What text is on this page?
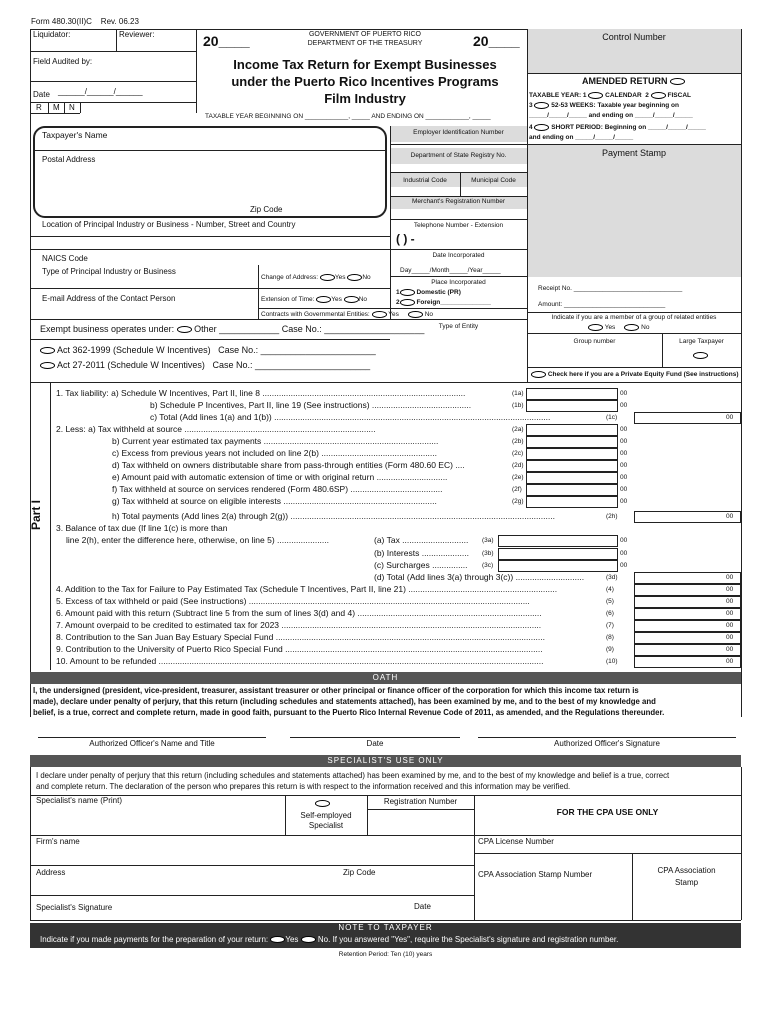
Form 480.30(II)C Rev. 06.23
Liquidator:	Reviewer:
Field Audited by:
Date ______/______/______
R M N
20____	GOVERNMENT OF PUERTO RICO
DEPARTMENT OF THE TREASURY	20____
Income Tax Return for Exempt Businesses
under the Puerto Rico Incentives Programs
Film Industry
TAXABLE YEAR BEGINNING ON ____________, _____ AND ENDING ON ____________, _____
Control Number
AMENDED RETURN
TAXABLE YEAR: 1	CALENDAR 2	FISCAL
3	52-53 WEEKS: Taxable year beginning on
_____/_____/_____ and ending on _____/_____/_____
4	SHORT PERIOD: Beginning on _____/_____/_____
and ending on _____/_____/_____
Payment Stamp
Taxpayer's Name
Postal Address
Zip Code
Location of Principal Industry or Business - Number, Street and Country
Employer Identification Number
Department of State Registry No.
Industrial Code	Municipal Code
Merchant's Registration Number
Telephone Number - Extension
( ) -
NAICS Code
Type of Principal Industry or Business
Change of Address:	Yes	No
E-mail Address of the Contact Person	Extension of Time:	Yes	No
Contracts with Governmental Entities:	Yes	No
Date Incorporated
Day_____/Month_____/Year_____
Place Incorporated
1	Domestic (PR)
2	Foreign______________
Type of Entity
Receipt No. ______________________________
Amount: ____________________________
Indicate if you are a member of a group of related entities
Yes	No
Group number	Large Taxpayer
Check here if you are a Private Equity Fund (See instructions)
Exempt business operates under: Other ____________ Case No.: ____________________
Act 362-1999 (Schedule W Incentives) Case No.: _______________________
Act 27-2011 (Schedule W Incentives) Case No.: _______________________
Part I
1. Tax liability: a) Schedule W Incentives, Part II, line 8 ......................................................................................	(1a)	00
b) Schedule P Incentives, Part II, line 19 (See instructions) ..........................................	(1b)	00
c) Total (Add lines 1(a) and 1(b)) .....................................................................................................................	(1c)	00
2. Less: a) Tax withheld at source .................................................................................	(2a)	00
b) Current year estimated tax payments ..........................................................................	(2b)	00
c) Excess from previous years not included on line 2(b) .................................................	(2c)	00
d) Tax withheld on owners distributable share from pass-through entities (Form 480.60 EC) ....	(2d)	00
e) Amount paid with automatic extension of time or with original return ..............................	(2e)	00
f) Tax withheld at source on services rendered (Form 480.6SP) .......................................	(2f)	00
g) Tax withheld at source on eligible interests .................................................................	(2g)	00
h) Total payments (Add lines 2(a) through 2(g)) ................................................................................................................	(2h)	00
3. Balance of tax due (If line 1(c) is more than
line 2(h), enter the difference here, otherwise, on line 5) ......................	(a) Tax ............................ (3a)	00
(b) Interests .................... (3b)	00
(c) Surcharges ............... (3c)	00
(d) Total (Add lines 3(a) through 3(c)) .............................	(3d)	00
4. Addition to the Tax for Failure to Pay Estimated Tax (Schedule T Incentives, Part II, line 21) ...............................................................	(4)	00
5. Excess of tax withheld or paid (See instructions) .......................................................................................................................	(5)	00
6. Amount paid with this return (Subtract line 5 from the sum of lines 3(d) and 4) ..............................................................................	(6)	00
7. Amount overpaid to be credited to estimated tax for 2023 ..............................................................................................................	(7)	00
8. Contribution to the San Juan Bay Estuary Special Fund ..................................................................................................................	(8)	00
9. Contribution to the University of Puerto Rico Special Fund .............................................................................................................	(9)	00
10. Amount to be refunded ...................................................................................................................................................................	(10)	00
OATH
I, the undersigned (president, vice-president, treasurer, assistant treasurer or other principal or finance officer of the corporation for which this income tax return is
made), declare under penalty of perjury, that this return (including schedules and statements attached), has been examined by me, and to the best of my knowledge and
belief, is a true, correct and complete return, made in good faith, pursuant to the Puerto Rico Internal Revenue Code of 2011, as amended, and the Regulations thereunder.
Authorized Officer's Name and Title	Date	Authorized Officer's Signature
SPECIALIST'S USE ONLY
I declare under penalty of perjury that this return (including schedules and statements attached) has been examined by me, and to the best of my knowledge and belief is a true, correct
and complete return. The declaration of the person who prepares this return is with respect to the information received and this information may be verified.
Specialist's name (Print)
Self-employed
Specialist
Registration Number
FOR THE CPA USE ONLY
Firm's name	CPA License Number
Address	Zip Code	CPA Association Stamp Number	CPA Association
Stamp
Specialist's Signature	Date
NOTE TO TAXPAYER
Indicate if you made payments for the preparation of your return: Yes No. If you answered "Yes", require the Specialist's signature and registration number.
Retention Period: Ten (10) years
